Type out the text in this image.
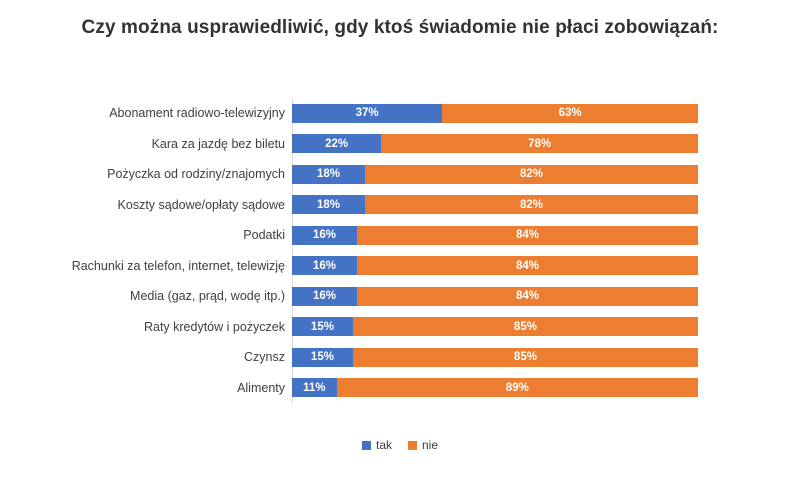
Czy można usprawiedliwić, gdy ktoś świadomie nie płaci zobowiązań:
Abonament radiowo-telewizyjny	37%	63%
Kara za jazdę bez biletu	22%	78%
Pożyczka od rodziny/znajomych	18%	82%
Koszty sądowe/opłaty sądowe	18%	82%
Podatki	16%	84%
Rachunki za telefon, internet, telewizję	16%	84%
Media (gaz, prąd, wodę itp.)	16%	84%
Raty kredytów i pożyczek	15%	85%
Czynsz	15%	85%
Alimenty	11%	89%
tak	nie
